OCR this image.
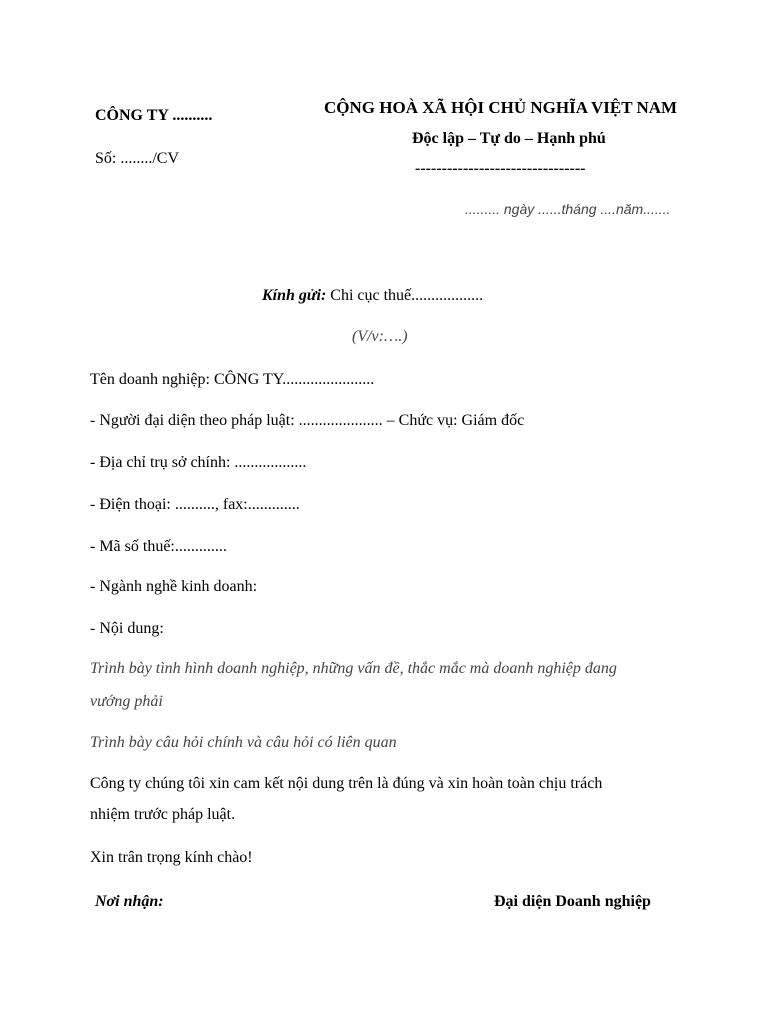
CÔNG TY ..........
Số: ......../CV
CỘNG HOÀ XÃ HỘI CHỦ NGHĨA VIỆT NAM
Độc lập – Tự do – Hạnh phú
--------------------------------
......... ngày ......tháng ....năm.......
Kính gửi: Chi cục thuế..................
(V/v:….)
Tên doanh nghiệp: CÔNG TY.......................
- Người đại diện theo pháp luật: ..................... – Chức vụ: Giám đốc
- Địa chỉ trụ sở chính: ..................
- Điện thoại: .........., fax:.............
- Mã số thuế:.............
- Ngành nghề kinh doanh:
- Nội dung:
Trình bày tình hình doanh nghiệp, những vấn đề, thắc mắc mà doanh nghiệp đang
vướng phải
Trình bày câu hỏi chính và câu hỏi có liên quan
Công ty chúng tôi xin cam kết nội dung trên là đúng và xin hoàn toàn chịu trách
nhiệm trước pháp luật.
Xin trân trọng kính chào!
Nơi nhận:	Đại diện Doanh nghiệp
